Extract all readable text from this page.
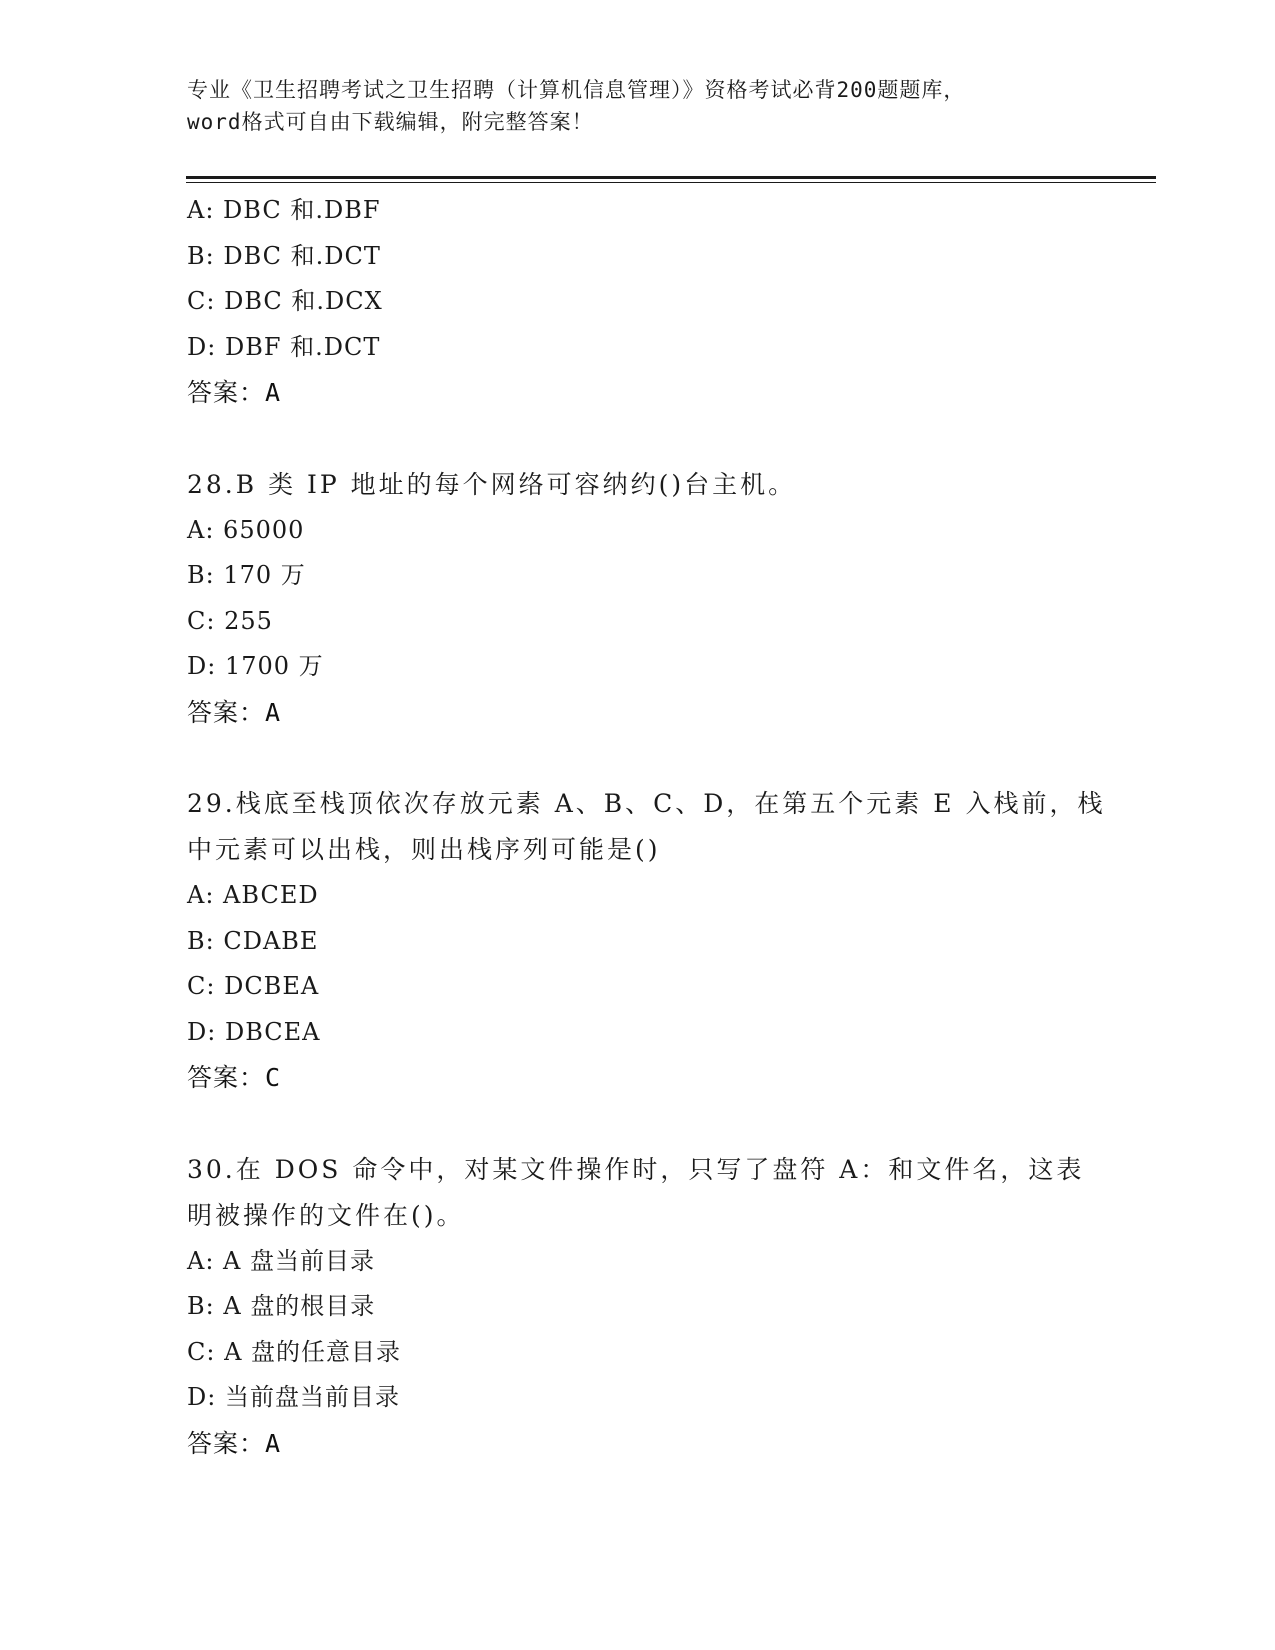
专业《卫生招聘考试之卫生招聘（计算机信息管理）》资格考试必背200题题库，
word格式可自由下载编辑，附完整答案！
A: DBC 和.DBF
B: DBC 和.DCT
C: DBC 和.DCX
D: DBF 和.DCT
答案：A
28.B 类 IP 地址的每个网络可容纳约()台主机。
A: 65000
B: 170 万
C: 255
D: 1700 万
答案：A
29.栈底至栈顶依次存放元素 A、B、C、D，在第五个元素 E 入栈前，栈
中元素可以出栈，则出栈序列可能是()
A: ABCED
B: CDABE
C: DCBEA
D: DBCEA
答案：C
30.在 DOS 命令中，对某文件操作时，只写了盘符 A：和文件名，这表
明被操作的文件在()。
A: A 盘当前目录
B: A 盘的根目录
C: A 盘的任意目录
D: 当前盘当前目录
答案：A
